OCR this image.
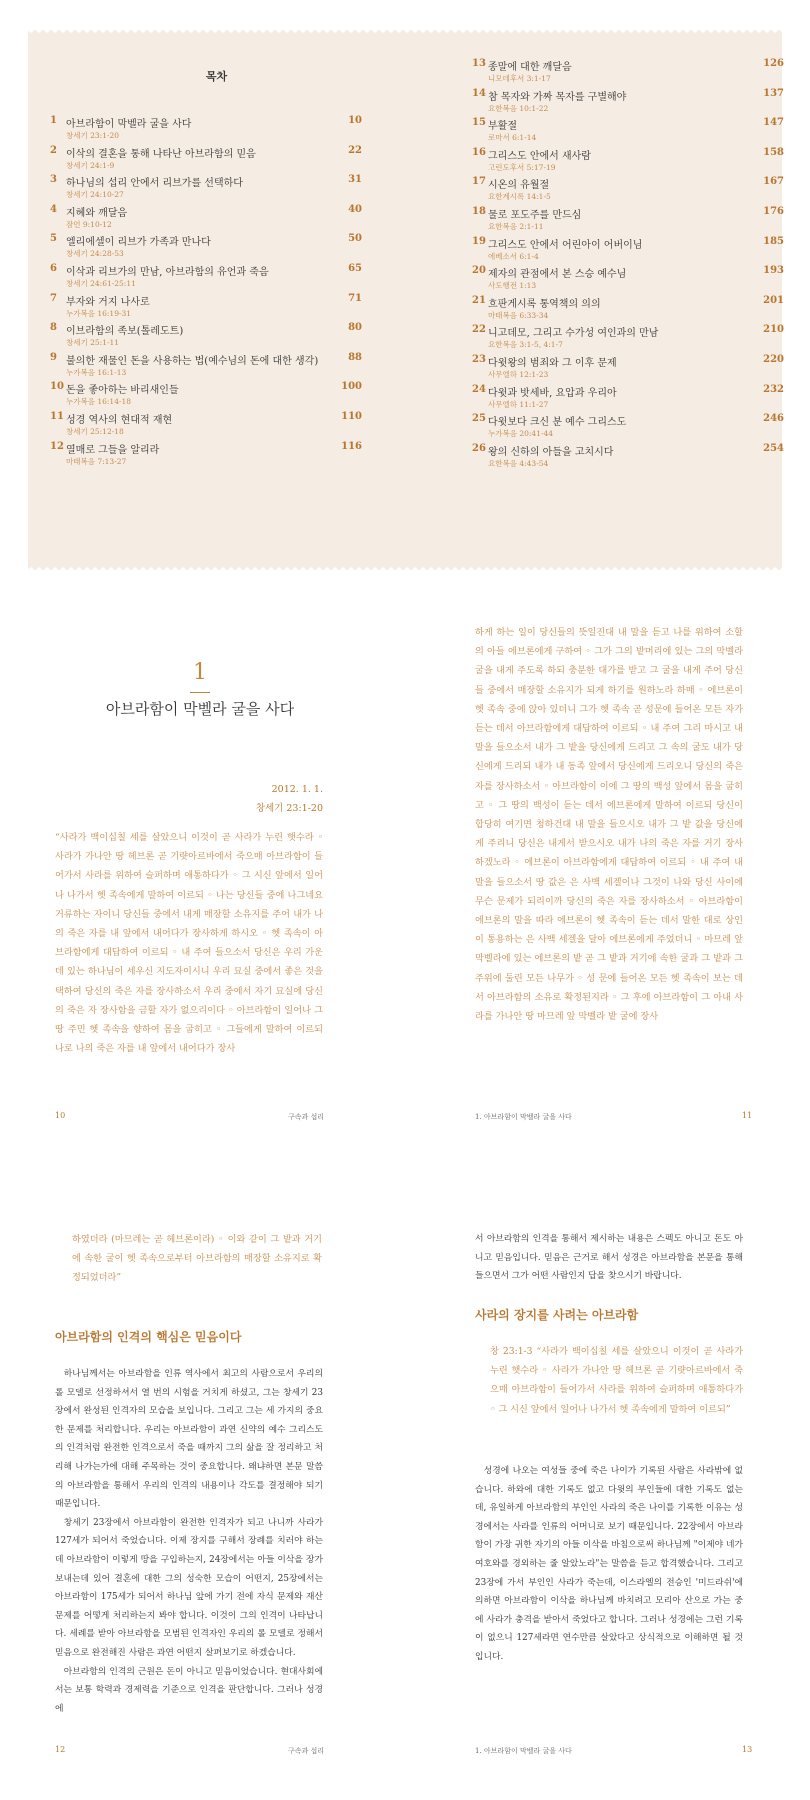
목차
1 아브라함이 막벨라 굴을 사다	10
창세기 23:1-20
2 이삭의 결혼을 통해 나타난 아브라함의 믿음	22
창세기 24:1-9
3 하나님의 섭리 안에서 리브가를 선택하다	31
창세기 24:10-27
4 지혜와 깨달음	40
잠언 9:10-12
5 엘리에셀이 리브가 가족과 만나다	50
창세기 24:28-53
6 이삭과 리브가의 만남, 아브라함의 유언과 죽음	65
창세기 24:61-25:11
7 부자와 거지 나사로	71
누가복음 16:19-31
8 이브라함의 족보(톨레도트)	80
창세기 25:1-11
9 불의한 재물인 돈을 사용하는 법(예수님의 돈에 대한 생각)	88
누가복음 16:1-13
10 돈을 좋아하는 바리새인들	100
누가복음 16:14-18
11 성경 역사의 현대적 재현	110
창세기 25:12-18
12 열매로 그들을 알리라	116
마태복음 7:13-27
13 종말에 대한 깨달음	126
니모데후서 3:1-17
14 참 목자와 가짜 목자를 구별해야	137
요한복음 10:1-22
15 부활절	147
로마서 6:1-14
16 그리스도 안에서 새사람	158
고린도후서 5:17-19
17 시온의 유월절	167
요한계시록 14:1-5
18 물로 포도주를 만드심	176
요한복음 2:1-11
19 그리스도 안에서 어린아이 어버이님	185
에베소서 6:1-4
20 제자의 관점에서 본 스승 예수님	193
사도행전 1:13
21 흐판게시록 통역책의 의의	201
마태복음 6:33-34
22 니고데모, 그리고 수가성 여인과의 만남	210
요한복음 3:1-5, 4:1-7
23 다윗왕의 범죄와 그 이후 문제	220
사무엘하 12:1-23
24 다윗과 밧세바, 요압과 우리아	232
사무엘하 11:1-27
25 다윗보다 크신 분 예수 그리스도	246
누가복음 20:41-44
26 왕의 신하의 아들을 고치시다	254
요한복음 4:43-54
1
아브라함이 막벨라 굴을 사다
2012. 1. 1.
창세기 23:1-20
“사라가 백이십칠 세를 살았으니 이것이 곧 사라가 누린 햇수라 ◦ 사라가 가나안 땅 헤브론 곧 기럇아르바에서 죽으매 아브라함이 들어가서 사라를 위하여 슬퍼하며 애통하다가 ◦ 그 시신 앞에서 일어나 나가서 헷 족속에게 말하여 이르되 ◦ 나는 당신들 중에 나그네요 거류하는 자이니 당신들 중에서 내게 매장할 소유지를 주어 내가 나의 죽은 자를 내 앞에서 내어다가 장사하게 하시오 ◦ 헷 족속이 아브라함에게 대답하여 이르되 ◦ 내 주여 들으소서 당신은 우리 가운데 있는 하나님이 세우신 지도자이시니 우리 묘실 중에서 좋은 것을 택하여 당신의 죽은 자를 장사하소서 우리 중에서 자기 묘실에 당신의 죽은 자 장사함을 금할 자가 없으리이다 ◦ 아브라함이 일어나 그 땅 주민 헷 족속을 향하여 몸을 굽히고 ◦ 그들에게 말하여 이르되 나로 나의 죽은 자를 내 앞에서 내어다가 장사
하게 하는 일이 당신들의 뜻일진대 내 말을 듣고 나를 위하여 소할의 아들 에브론에게 구하여 ◦ 그가 그의 밭머리에 있는 그의 막벨라 굴을 내게 주도록 하되 충분한 대가를 받고 그 굴을 내게 주어 당신들 중에서 매장할 소유지가 되게 하기를 원하노라 하매 ◦ 에브론이 헷 족속 중에 앉아 있더니 그가 헷 족속 곧 성문에 들어온 모든 자가 듣는 데서 아브라함에게 대답하여 이르되 ◦ 내 주여 그리 마시고 내 말을 들으소서 내가 그 밭을 당신에게 드리고 그 속의 굴도 내가 당신에게 드리되 내가 내 동족 앞에서 당신에게 드리오니 당신의 죽은 자를 장사하소서 ◦ 아브라함이 이에 그 땅의 백성 앞에서 몸을 굽히고 ◦ 그 땅의 백성이 듣는 데서 에브론에게 말하여 이르되 당신이 합당히 여기면 청하건대 내 말을 들으시오 내가 그 밭 값을 당신에게 주리니 당신은 내게서 받으시오 내가 나의 죽은 자를 거기 장사하겠노라 ◦ 에브론이 아브라함에게 대답하여 이르되 ◦ 내 주여 내 말을 들으소서 땅 값은 은 사백 세겔이나 그것이 나와 당신 사이에 무슨 문제가 되리이까 당신의 죽은 자를 장사하소서 ◦ 아브라함이 에브론의 말을 따라 에브론이 헷 족속이 듣는 데서 말한 대로 상인이 통용하는 은 사백 세겔을 달아 에브론에게 주었더니 ◦ 마므레 앞 막벨라에 있는 에브론의 밭 곧 그 밭과 거기에 속한 굴과 그 밭과 그 주위에 둘린 모든 나무가 ◦ 성 문에 들어온 모든 헷 족속이 보는 데서 아브라함의 소유로 확정된지라 ◦ 그 후에 아브라함이 그 아내 사라를 가나안 땅 마므레 앞 막벨라 밭 굴에 장사
10	구속과 섭리	1. 아브라함이 막벨라 굴을 사다	11
하였더라 (마므레는 곧 헤브론이라) ◦ 이와 같이 그 밭과 거기에 속한 굴이 헷 족속으로부터 아브라함의 매장할 소유지로 확정되었더라”
아브라함의 인격의 핵심은 믿음이다

하나님께서는 아브라함을 인류 역사에서 최고의 사람으로서 우리의 롤 모델로 선정하셔서 열 번의 시험을 거치게 하셨고, 그는 창세기 23장에서 완성된 인격자의 모습을 보입니다. 그리고 그는 세 가지의 중요한 문제를 처리합니다. 우리는 아브라함이 과연 신약의 예수 그리스도의 인격처럼 완전한 인격으로서 죽을 때까지 그의 삶을 잘 정리하고 처리해 나가는가에 대해 주목하는 것이 중요합니다. 왜냐하면 본문 말씀의 아브라함을 통해서 우리의 인격의 내용이나 각도를 결정해야 되기 때문입니다.

창세기 23장에서 아브라함이 완전한 인격자가 되고 나니까 사라가 127세가 되어서 죽었습니다. 이제 장지를 구해서 장례를 치러야 하는데 아브라함이 이렇게 땅을 구입하는지, 24장에서는 아들 이삭을 장가보내는데 있어 결혼에 대한 그의 성숙한 모습이 어떤지, 25장에서는 아브라함이 175세가 되어서 하나님 앞에 가기 전에 자식 문제와 재산 문제를 어떻게 처리하는지 봐야 합니다. 이것이 그의 인격이 나타납니다. 세례를 받아 아브라함을 모범된 인격자인 우리의 롤 모델로 정해서 믿음으로 완전해진 사람은 과연 어떤지 살펴보기로 하겠습니다.

아브라함의 인격의 근원은 돈이 아니고 믿음이었습니다. 현대사회에서는 보통 학력과 경제력을 기준으로 인격을 판단합니다. 그러나 성경에

서 아브라함의 인격을 통해서 제시하는 내용은 스펙도 아니고 돈도 아니고 믿음입니다. 믿음은 근거로 해서 성경은 아브라함을 본문을 통해 들으면서 그가 어떤 사람인지 답을 찾으시기 바랍니다.

사라의 장지를 사려는 아브라함
창 23:1-3 “사라가 백이십칠 세를 살았으니 이것이 곧 사라가 누린 햇수라 ◦ 사라가 가나안 땅 헤브론 곧 기럇아르바에서 죽으매 아브라함이 들어가서 사라를 위하여 슬퍼하며 애통하다가 ◦ 그 시신 앞에서 일어나 나가서 헷 족속에게 말하여 이르되”

성경에 나오는 여성들 중에 죽은 나이가 기록된 사람은 사라밖에 없습니다. 하와에 대한 기록도 없고 다윗의 부인들에 대한 기록도 없는데, 유일하게 아브라함의 부인인 사라의 죽은 나이를 기록한 이유는 성경에서는 사라를 인류의 어머니로 보기 때문입니다. 22장에서 아브라함이 가장 귀한 자기의 아들 이삭을 바침으로써 하나님께 "이제야 네가 여호와를 경외하는 줄 알았노라"는 말씀을 듣고 합격했습니다. 그리고 23장에 가서 부인인 사라가 죽는데, 이스라엘의 전승인 '미드라쉬'에 의하면 아브라함이 이삭을 하나님께 바치려고 모리아 산으로 가는 중에 사라가 충격을 받아서 죽었다고 합니다. 그러나 성경에는 그런 기록이 없으니 127세라면 연수만큼 살았다고 상식적으로 이해하면 될 것입니다.

12	구속과 섭리	1. 아브라함이 막벨라 굴을 사다	13
